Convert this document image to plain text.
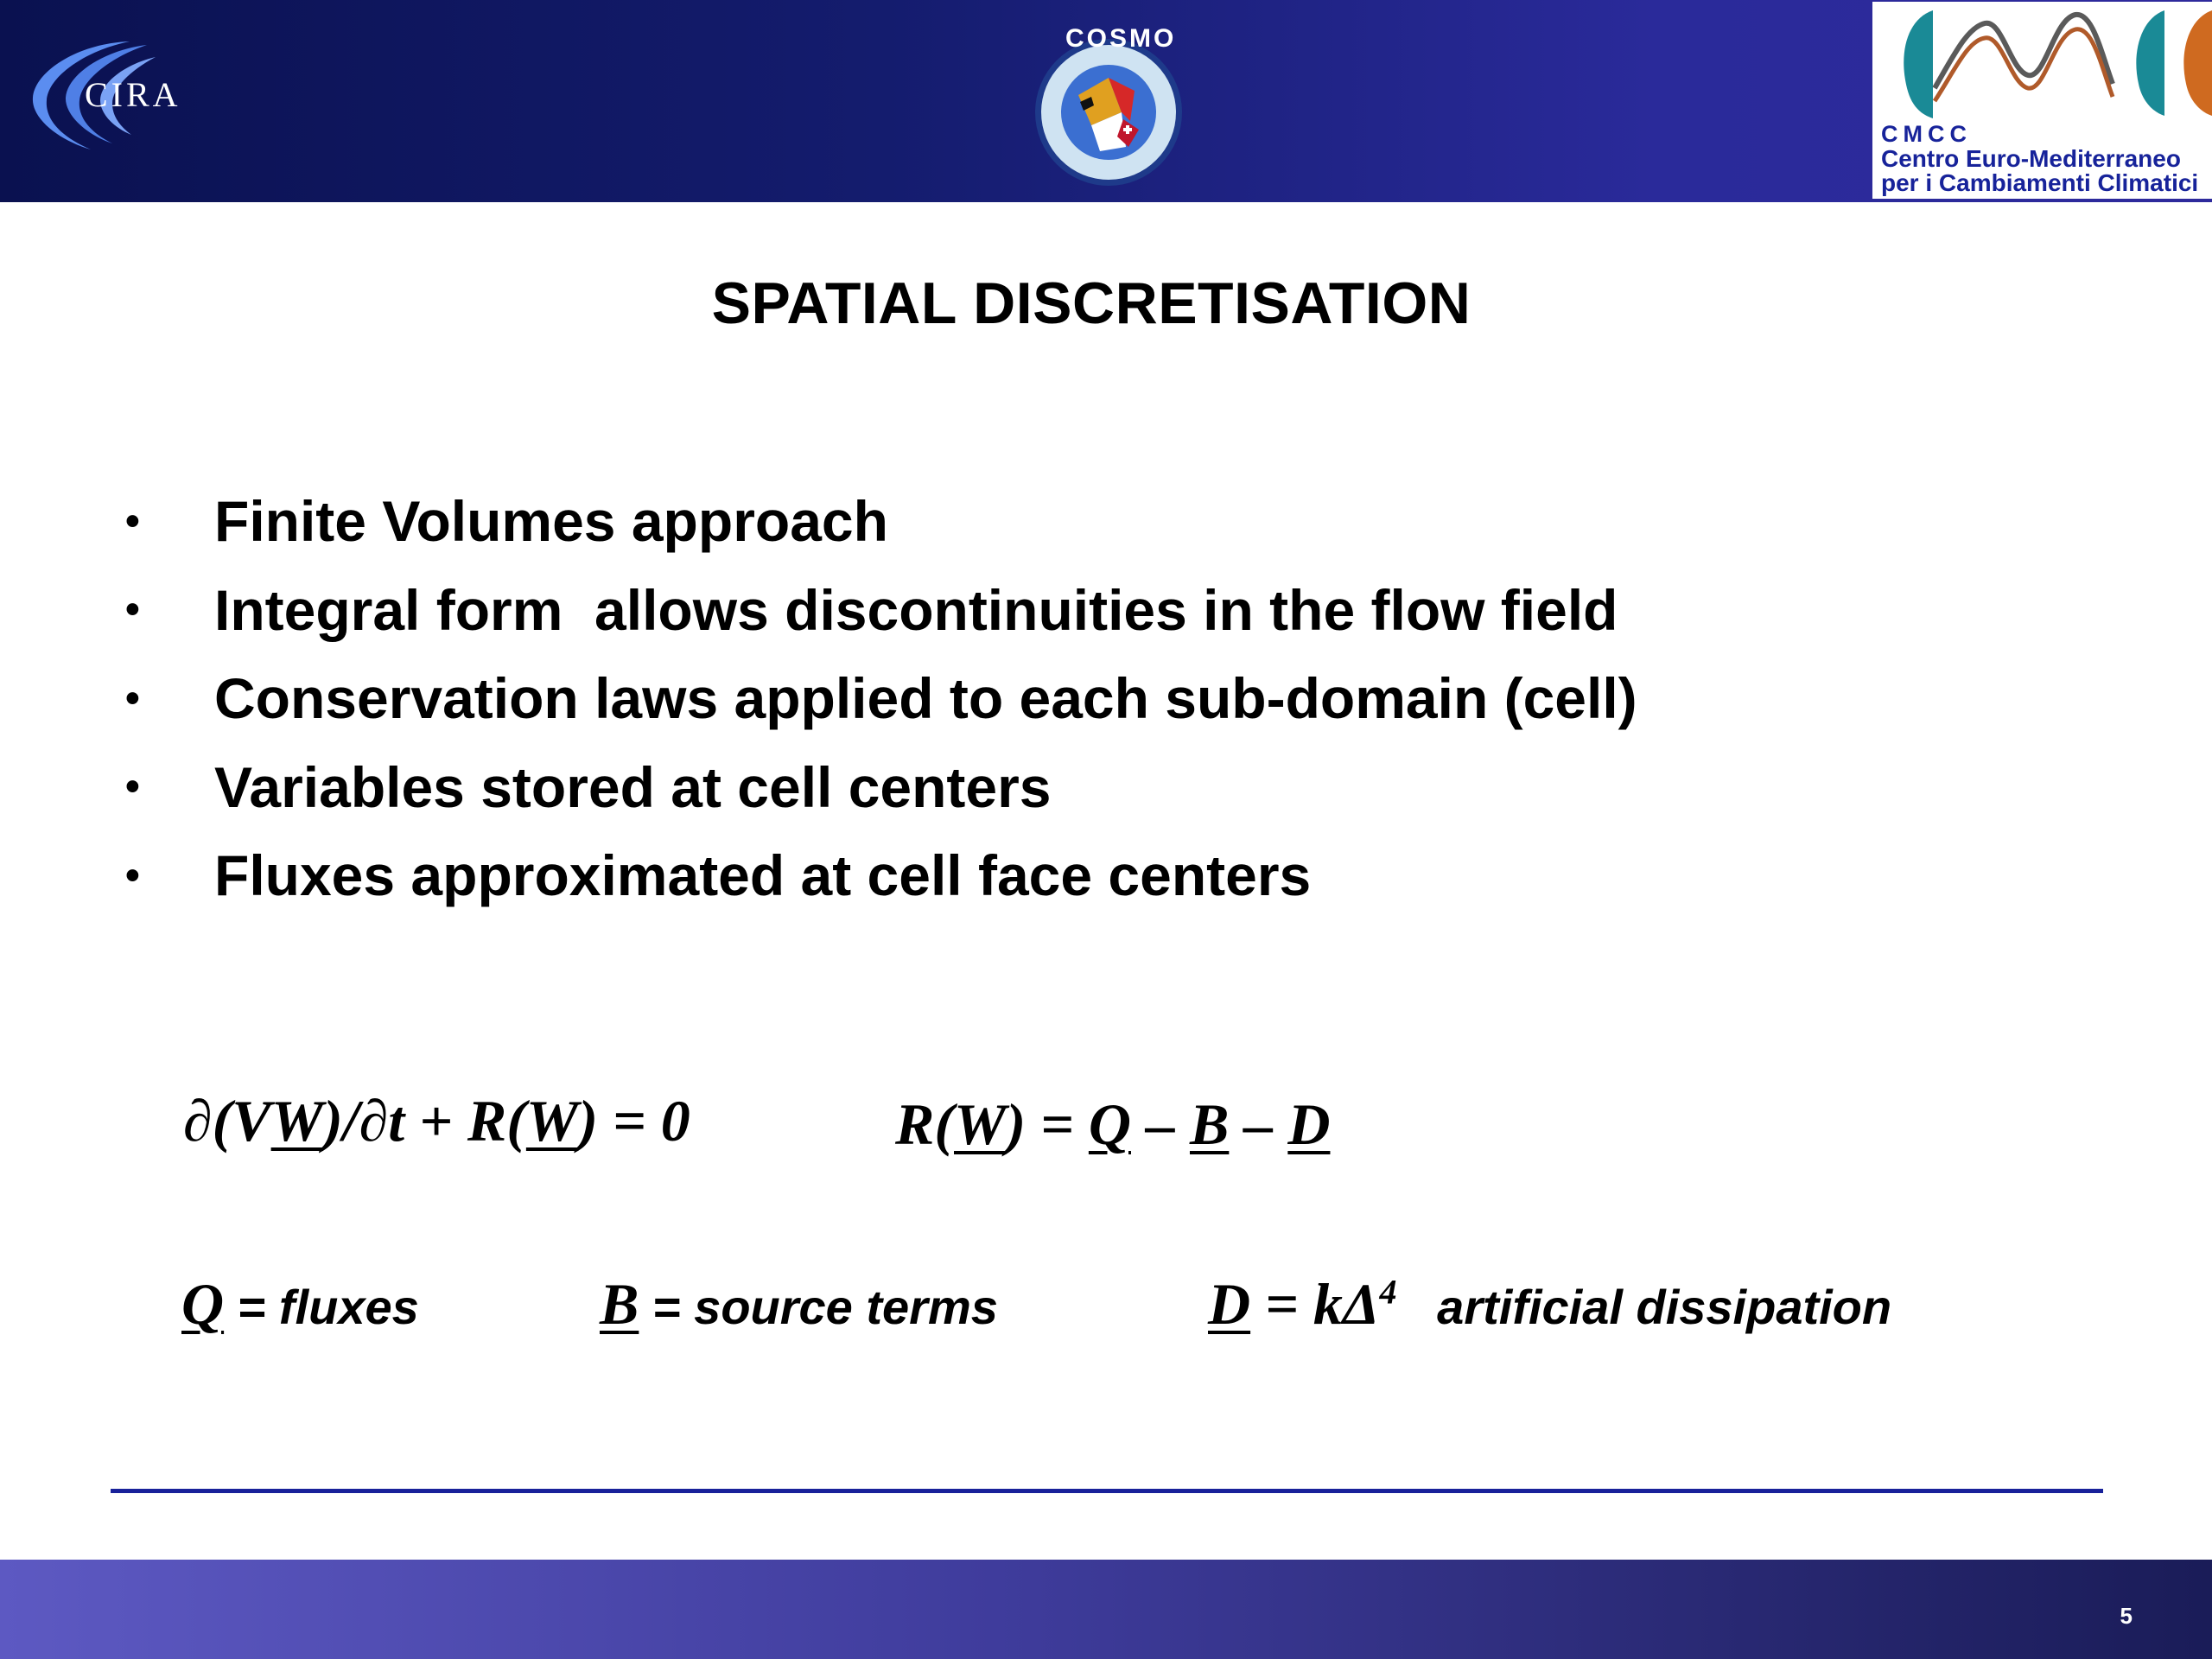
CIRA
COSMO
CMCC
Centro Euro-Mediterraneo
per i Cambiamenti Climatici
SPATIAL DISCRETISATION
•	Finite Volumes approach
•	Integral form  allows discontinuities in the flow field
•	Conservation laws applied to each sub-domain (cell)
•	Variables stored at cell centers
•	Fluxes approximated at cell face centers
∂(VW)/∂t + R(W) = 0	R(W) = Q – B – D
Q = fluxes	B = source terms	$D = k\Delta^4$   artificial dissipation
5
